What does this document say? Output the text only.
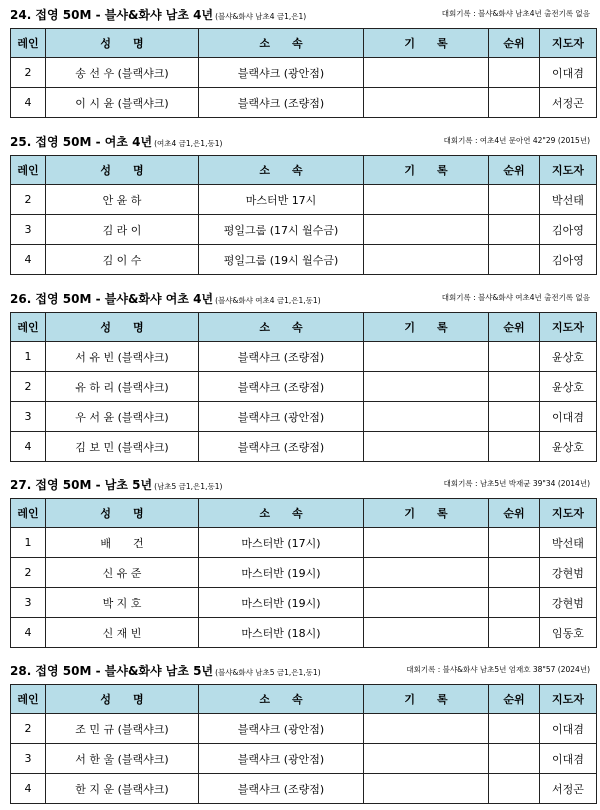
24. 접영 50M - 블샤&화샤 남초 4년 (블샤&화샤 남초4 금1,은1)	대회기록 : 블샤&화샤 남초4년 출전기록 없음
레인	성　　명	소　　속	기　　록	순위	지도자
2	송 선 우 (블랙샤크)	블랙샤크 (광안점)			이대겸
4	이 시 윤 (블랙샤크)	블랙샤크 (조량점)			서정곤
25. 접영 50M - 여초 4년 (여초4 금1,은1,동1)	대회기록 : 여초4년 문아연 42"29 (2015년)
레인	성　　명	소　　속	기　　록	순위	지도자
2	안 윤 하	마스터반 17시			박선태
3	김 라 이	평일그룹 (17시 월수금)			김아영
4	김 이 수	평일그룹 (19시 월수금)			김아영
26. 접영 50M - 블샤&화샤 여초 4년 (블샤&화샤 여초4 금1,은1,동1)	대회기록 : 블샤&화샤 여초4년 출전기록 없음
레인	성　　명	소　　속	기　　록	순위	지도자
1	서 유 빈 (블랙샤크)	블랙샤크 (조량점)			윤상호
2	유 하 리 (블랙샤크)	블랙샤크 (조량점)			윤상호
3	우 서 윤 (블랙샤크)	블랙샤크 (광안점)			이대겸
4	김 보 민 (블랙샤크)	블랙샤크 (조량점)			윤상호
27. 접영 50M - 남초 5년 (남초5 금1,은1,동1)	대회기록 : 남초5년 박재균 39"34 (2014년)
레인	성　　명	소　　속	기　　록	순위	지도자
1	배　　건	마스터반 (17시)			박선태
2	신 유 준	마스터반 (19시)			강현범
3	박 지 호	마스터반 (19시)			강현범
4	신 재 빈	마스터반 (18시)			임동호
28. 접영 50M - 블샤&화샤 남초 5년 (블샤&화샤 남초5 금1,은1,동1)	대회기록 : 블샤&화샤 남초5년 엄재호 38"57 (2024년)
레인	성　　명	소　　속	기　　록	순위	지도자
2	조 민 규 (블랙샤크)	블랙샤크 (광안점)			이대겸
3	서 한 울 (블랙샤크)	블랙샤크 (광안점)			이대겸
4	한 지 운 (블랙샤크)	블랙샤크 (조량점)			서정곤
